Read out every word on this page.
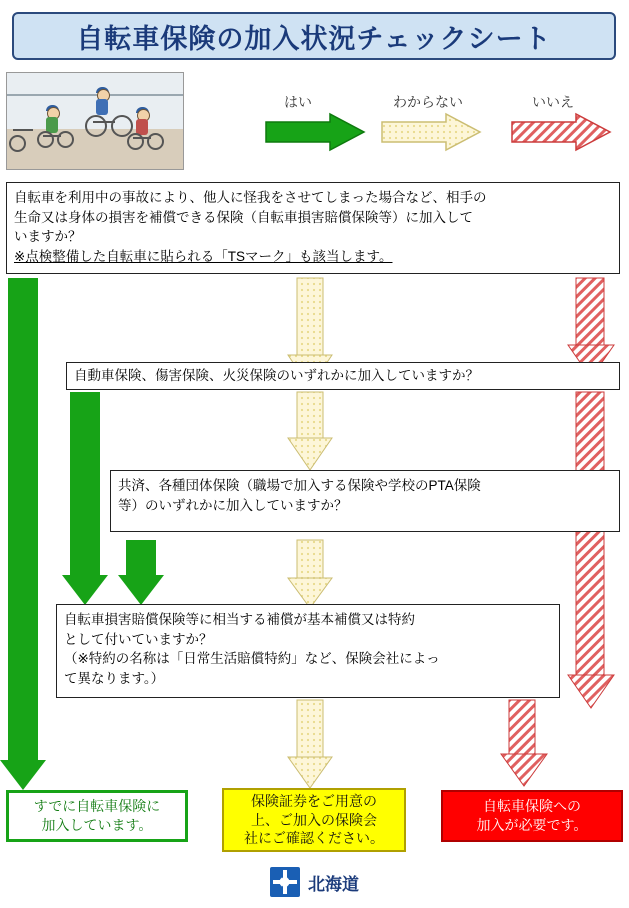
自転車保険の加入状況チェックシート
はい	わからない	いいえ
自転車を利用中の事故により、他人に怪我をさせてしまった場合など、相手の
生命又は身体の損害を補償できる保険（自転車損害賠償保険等）に加入して
いますか？
※点検整備した自転車に貼られる「TSマーク」も該当します。
自動車保険、傷害保険、火災保険のいずれかに加入していますか？
共済、各種団体保険（職場で加入する保険や学校のPTA保険
等）のいずれかに加入していますか？
自転車損害賠償保険等に相当する補償が基本補償又は特約
として付いていますか？
（※特約の名称は「日常生活賠償特約」など、保険会社によっ
て異なります。）
すでに自転車保険に
加入しています。
保険証券をご用意の
上、ご加入の保険会
社にご確認ください。
自転車保険への
加入が必要です。
北海道
